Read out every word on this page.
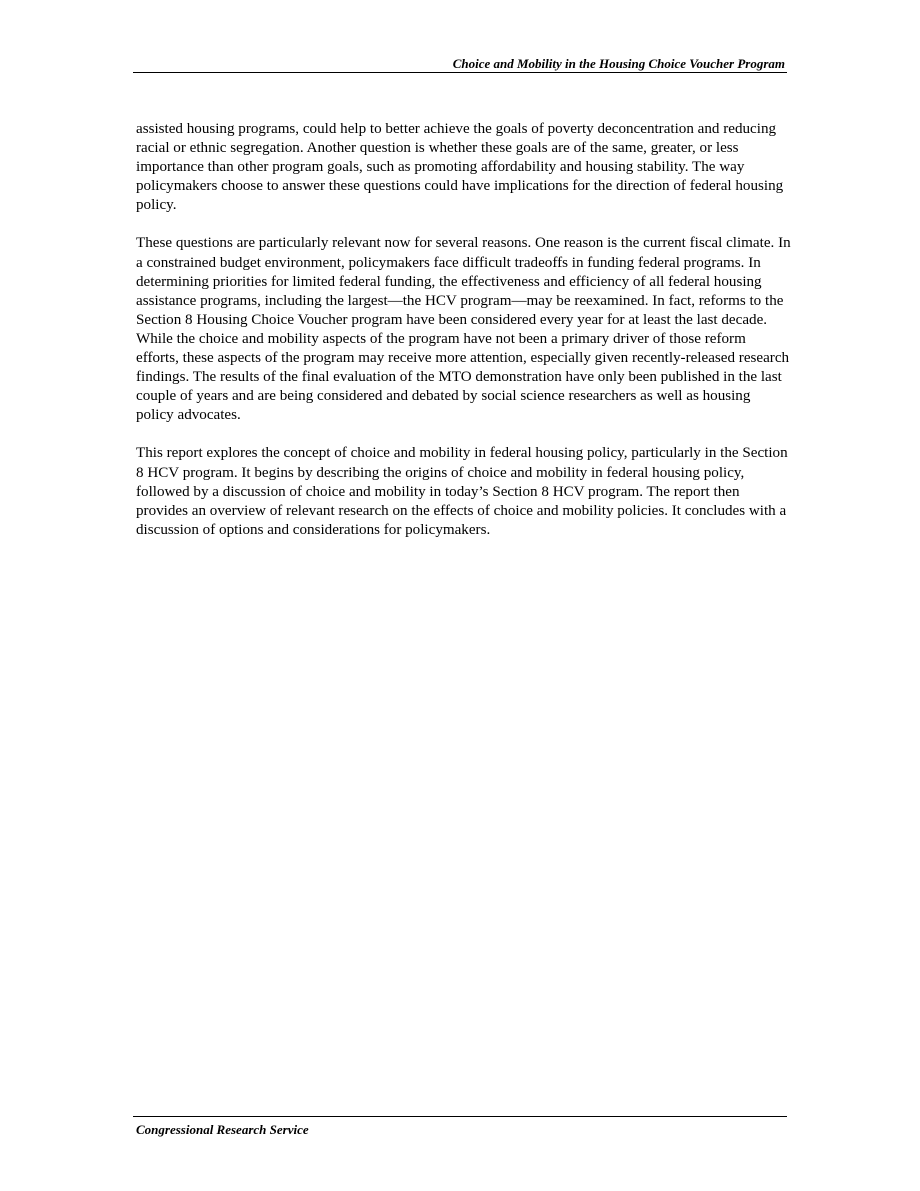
Choice and Mobility in the Housing Choice Voucher Program

assisted housing programs, could help to better achieve the goals of poverty deconcentration and reducing racial or ethnic segregation. Another question is whether these goals are of the same, greater, or less importance than other program goals, such as promoting affordability and housing stability. The way policymakers choose to answer these questions could have implications for the direction of federal housing policy.

These questions are particularly relevant now for several reasons. One reason is the current fiscal climate. In a constrained budget environment, policymakers face difficult tradeoffs in funding federal programs. In determining priorities for limited federal funding, the effectiveness and efficiency of all federal housing assistance programs, including the largest—the HCV program—may be reexamined. In fact, reforms to the Section 8 Housing Choice Voucher program have been considered every year for at least the last decade. While the choice and mobility aspects of the program have not been a primary driver of those reform efforts, these aspects of the program may receive more attention, especially given recently-released research findings. The results of the final evaluation of the MTO demonstration have only been published in the last couple of years and are being considered and debated by social science researchers as well as housing policy advocates.

This report explores the concept of choice and mobility in federal housing policy, particularly in the Section 8 HCV program. It begins by describing the origins of choice and mobility in federal housing policy, followed by a discussion of choice and mobility in today’s Section 8 HCV program. The report then provides an overview of relevant research on the effects of choice and mobility policies. It concludes with a discussion of options and considerations for policymakers.

Congressional Research Service
